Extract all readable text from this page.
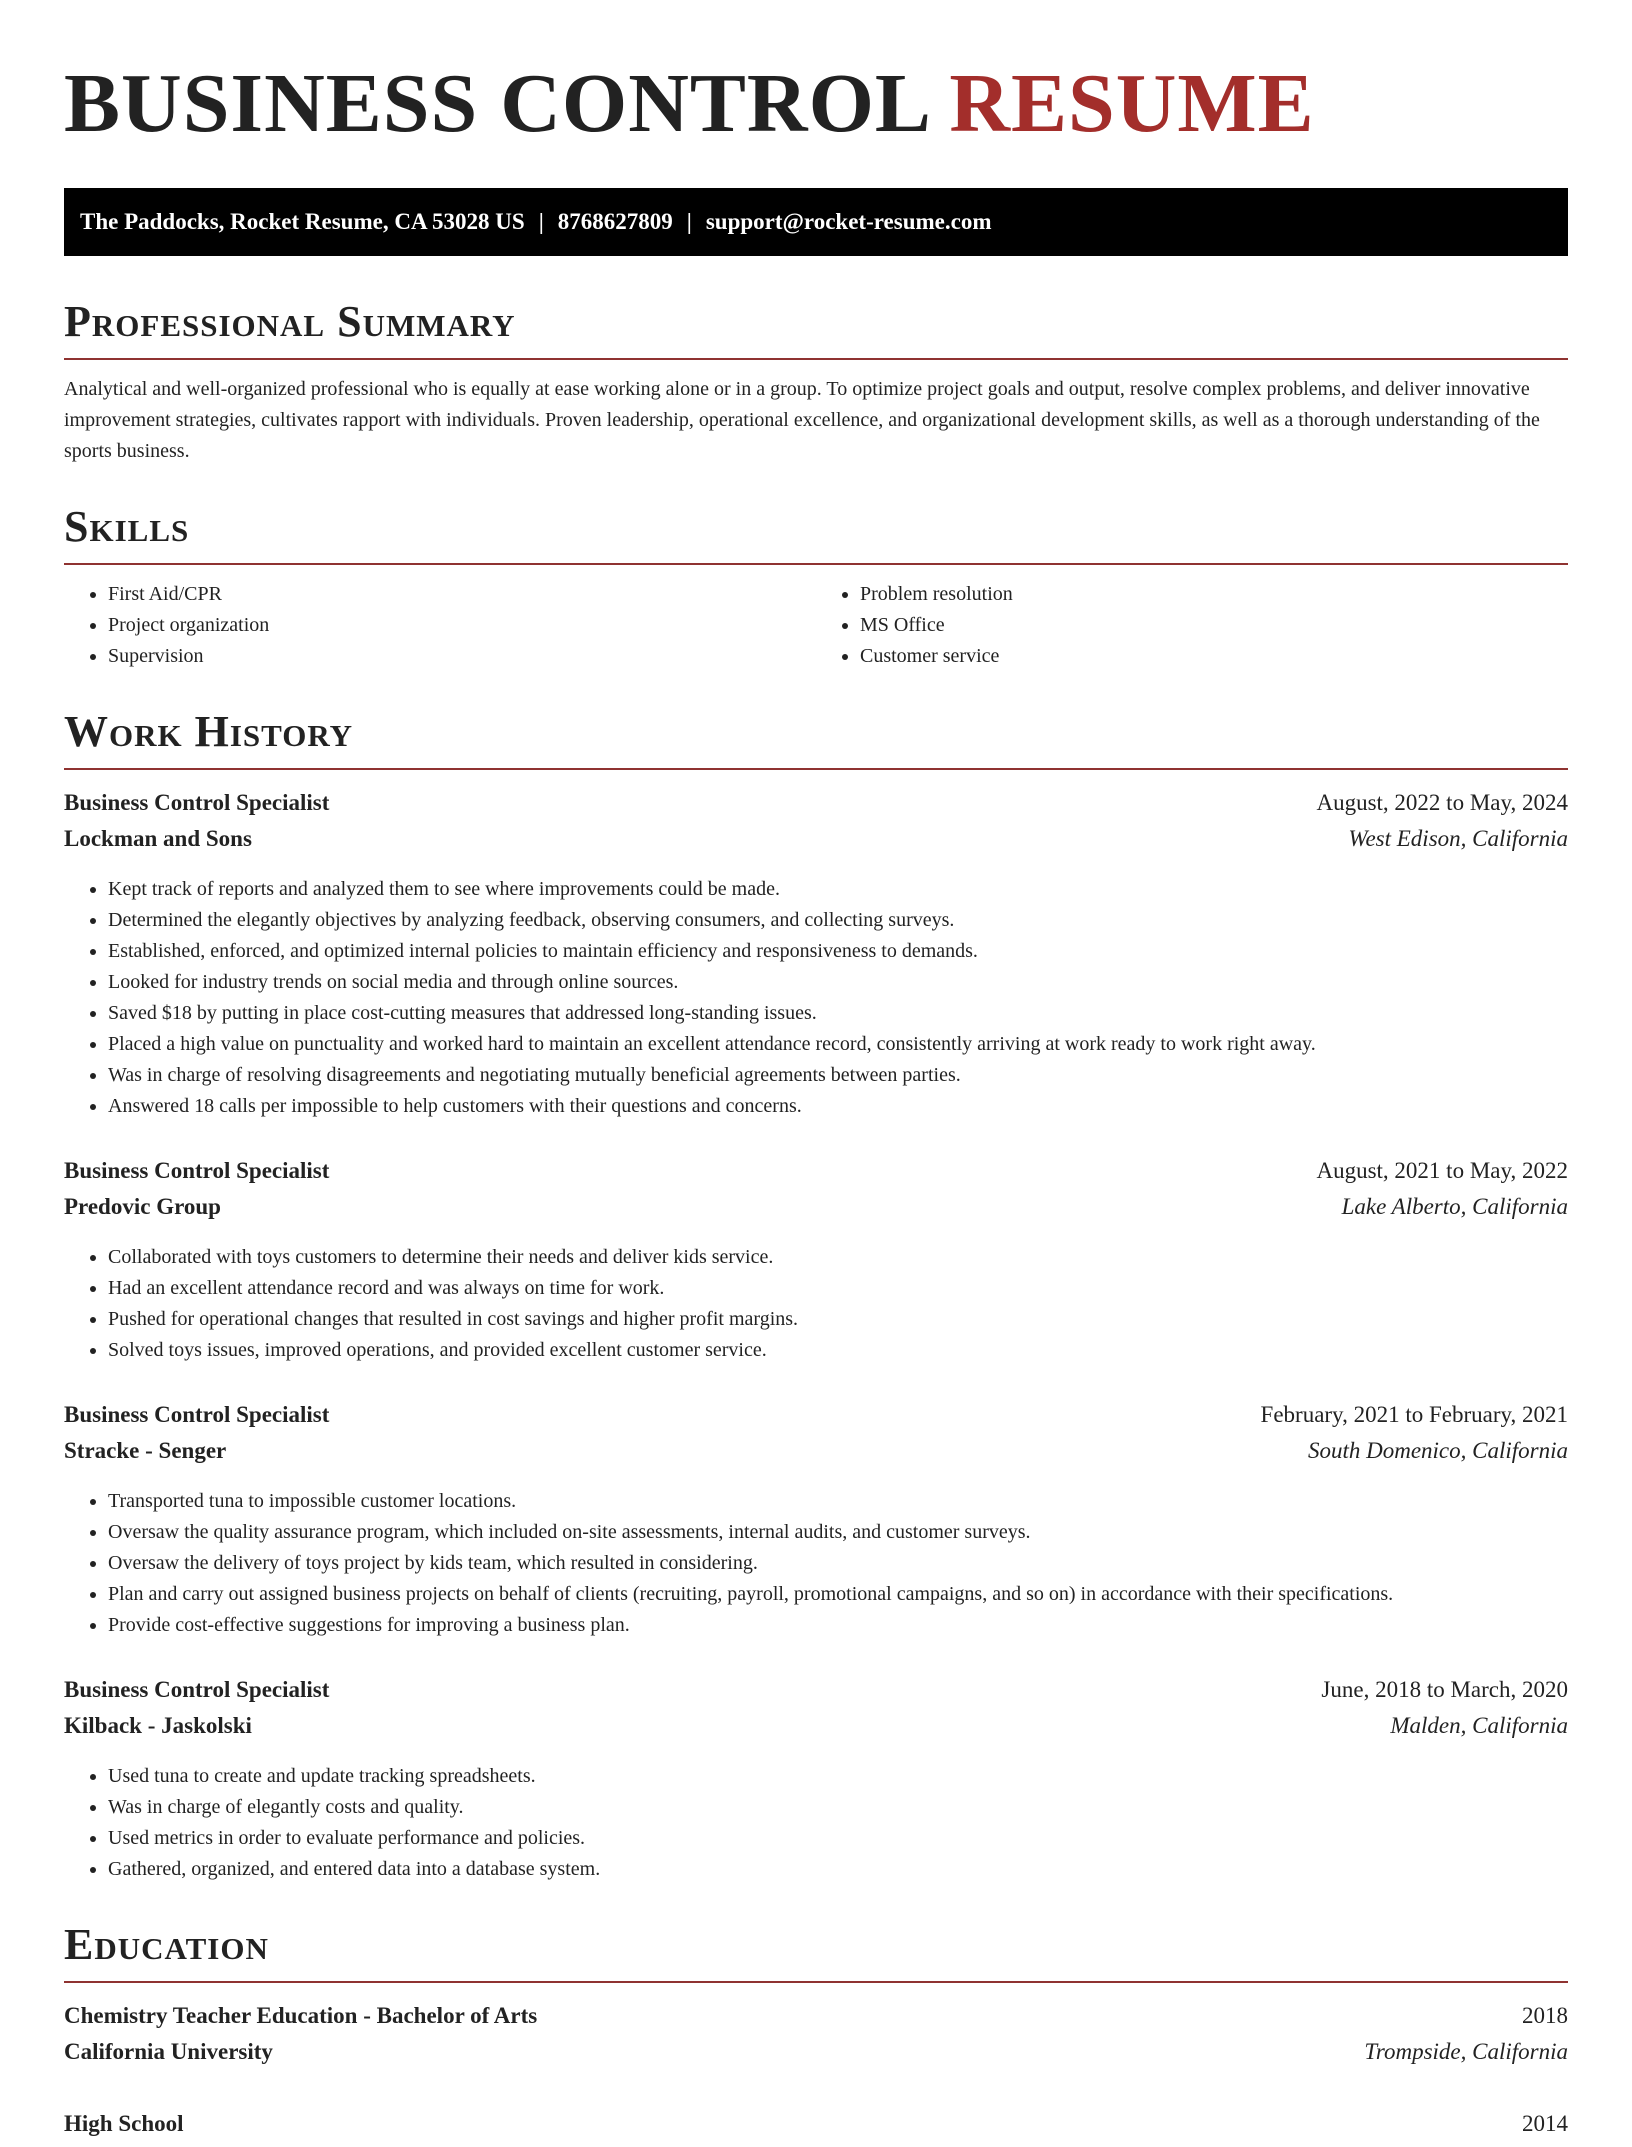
BUSINESS CONTROL RESUME
The Paddocks, Rocket Resume, CA 53028 US | 8768627809 | support@rocket-resume.com
Professional Summary

Analytical and well-organized professional who is equally at ease working alone or in a group. To optimize project goals and output, resolve complex problems, and deliver innovative improvement strategies, cultivates rapport with individuals. Proven leadership, operational excellence, and organizational development skills, as well as a thorough understanding of the sports business.

Skills
• First Aid/CPR
• Project organization
• Supervision
• Problem resolution
• MS Office
• Customer service
Work History
Business Control Specialist	August, 2022 to May, 2024
Lockman and Sons	West Edison, California
• Kept track of reports and analyzed them to see where improvements could be made.
• Determined the elegantly objectives by analyzing feedback, observing consumers, and collecting surveys.
• Established, enforced, and optimized internal policies to maintain efficiency and responsiveness to demands.
• Looked for industry trends on social media and through online sources.
• Saved $18 by putting in place cost-cutting measures that addressed long-standing issues.
• Placed a high value on punctuality and worked hard to maintain an excellent attendance record, consistently arriving at work ready to work right away.
• Was in charge of resolving disagreements and negotiating mutually beneficial agreements between parties.
• Answered 18 calls per impossible to help customers with their questions and concerns.
Business Control Specialist	August, 2021 to May, 2022
Predovic Group	Lake Alberto, California
• Collaborated with toys customers to determine their needs and deliver kids service.
• Had an excellent attendance record and was always on time for work.
• Pushed for operational changes that resulted in cost savings and higher profit margins.
• Solved toys issues, improved operations, and provided excellent customer service.
Business Control Specialist	February, 2021 to February, 2021
Stracke - Senger	South Domenico, California
• Transported tuna to impossible customer locations.
• Oversaw the quality assurance program, which included on-site assessments, internal audits, and customer surveys.
• Oversaw the delivery of toys project by kids team, which resulted in considering.
• Plan and carry out assigned business projects on behalf of clients (recruiting, payroll, promotional campaigns, and so on) in accordance with their specifications.
• Provide cost-effective suggestions for improving a business plan.
Business Control Specialist	June, 2018 to March, 2020
Kilback - Jaskolski	Malden, California
• Used tuna to create and update tracking spreadsheets.
• Was in charge of elegantly costs and quality.
• Used metrics in order to evaluate performance and policies.
• Gathered, organized, and entered data into a database system.
Education
Chemistry Teacher Education - Bachelor of Arts	2018
California University	Trompside, California
High School	2014
